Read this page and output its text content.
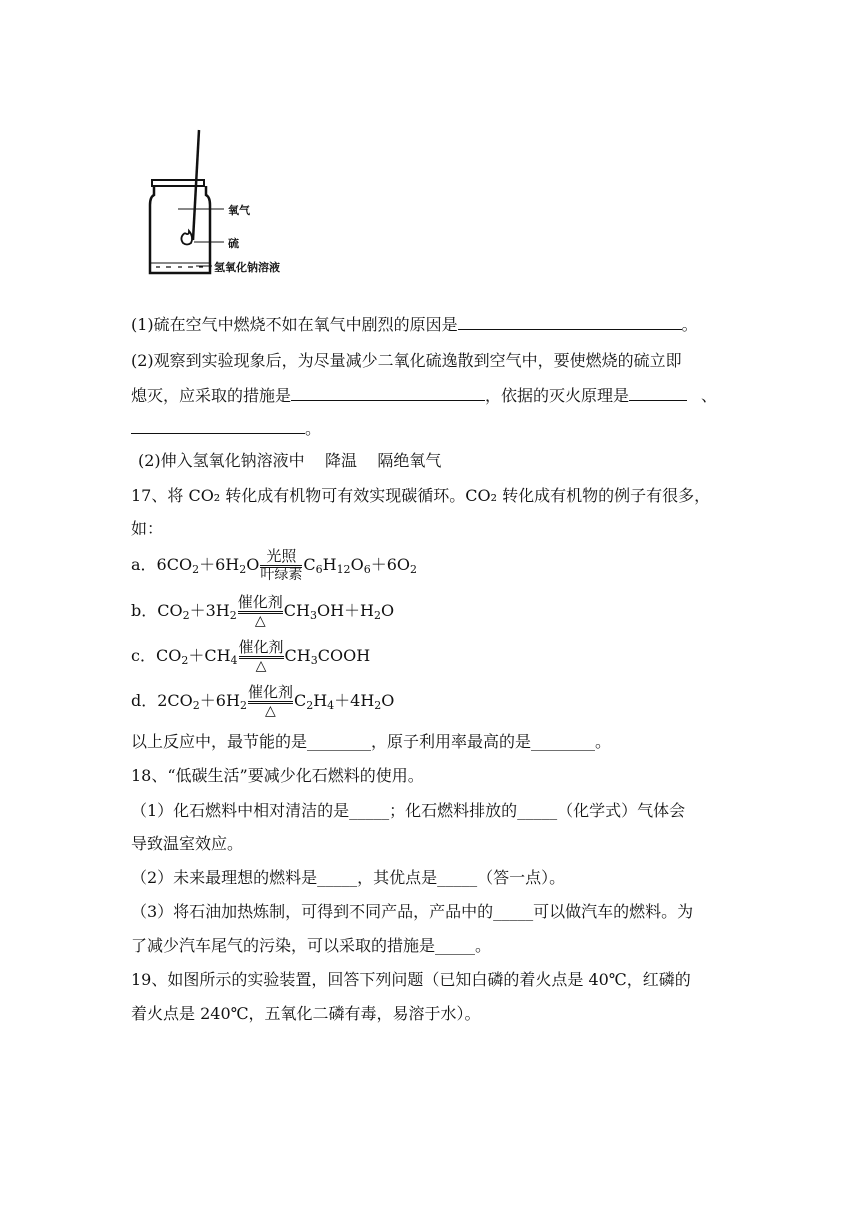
氧气
硫
氢氧化钠溶液
(1)硫在空气中燃烧不如在氧气中剧烈的原因是	。
(2)观察到实验现象后，为尽量减少二氧化硫逸散到空气中，要使燃烧的硫立即
熄灭，应采取的措施是	，依据的灭火原理是	、
。
(2)伸入氢氧化钠溶液中    降温    隔绝氧气
17、将 CO₂ 转化成有机物可有效实现碳循环。CO₂ 转化成有机物的例子有很多，
如：
a．$6CO_2+6H_2O$ 光照
叶绿素
$C_6H_{12}O_6+6O_2$
b．$CO_2+3H_2$
催化剂
△
$CH_3OH+H_2O$
c．$CO_2+CH_4$
催化剂
△
$CH_3COOH$
d．$2CO_2+6H_2$
催化剂
△
$C_2H_4+4H_2O$
以上反应中，最节能的是________，原子利用率最高的是________。
18、“低碳生活”要减少化石燃料的使用。
（1）化石燃料中相对清洁的是_____；化石燃料排放的_____（化学式）气体会
导致温室效应。
（2）未来最理想的燃料是_____，其优点是_____（答一点）。
（3）将石油加热炼制，可得到不同产品，产品中的_____可以做汽车的燃料。为
了减少汽车尾气的污染，可以采取的措施是_____。
19、如图所示的实验装置，回答下列问题（已知白磷的着火点是 40℃，红磷的
着火点是 240℃，五氧化二磷有毒，易溶于水）。
